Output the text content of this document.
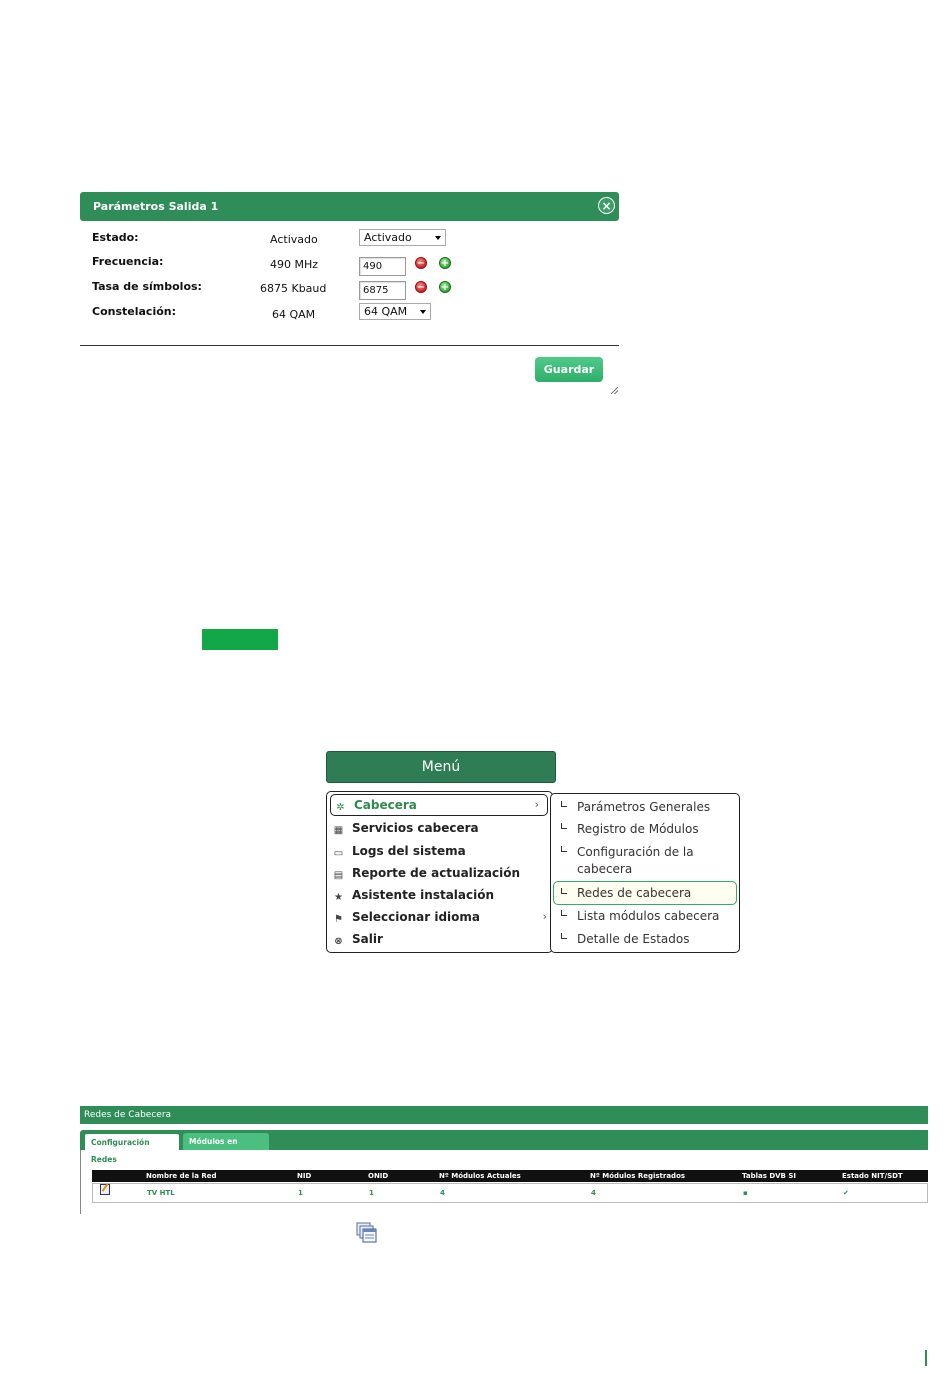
Parámetros Salida 1	×
Estado:	Activado	Activado
Frecuencia:	490 MHz	490	− +
Tasa de símbolos:	6875 Kbaud	6875	− +
Constelación:	64 QAM	64 QAM
Guardar
Menú
✲ Cabecera	›
▦ Servicios cabecera
▭ Logs del sistema
▤ Reporte de actualización
★ Asistente instalación
⚑ Seleccionar idioma	›
⊗ Salir
Parámetros Generales
Registro de Módulos
Configuración de la cabecera
Redes de cabecera
Lista módulos cabecera
Detalle de Estados
Redes de Cabecera
Configuración Redes
Módulos en Redes
Nombre de la Red	NID	ONID	Nº Módulos Actuales	Nº Módulos Registrados	Tablas DVB SI	Estado NIT/SDT
TV HTL	1	1	4	4	▪	✔
